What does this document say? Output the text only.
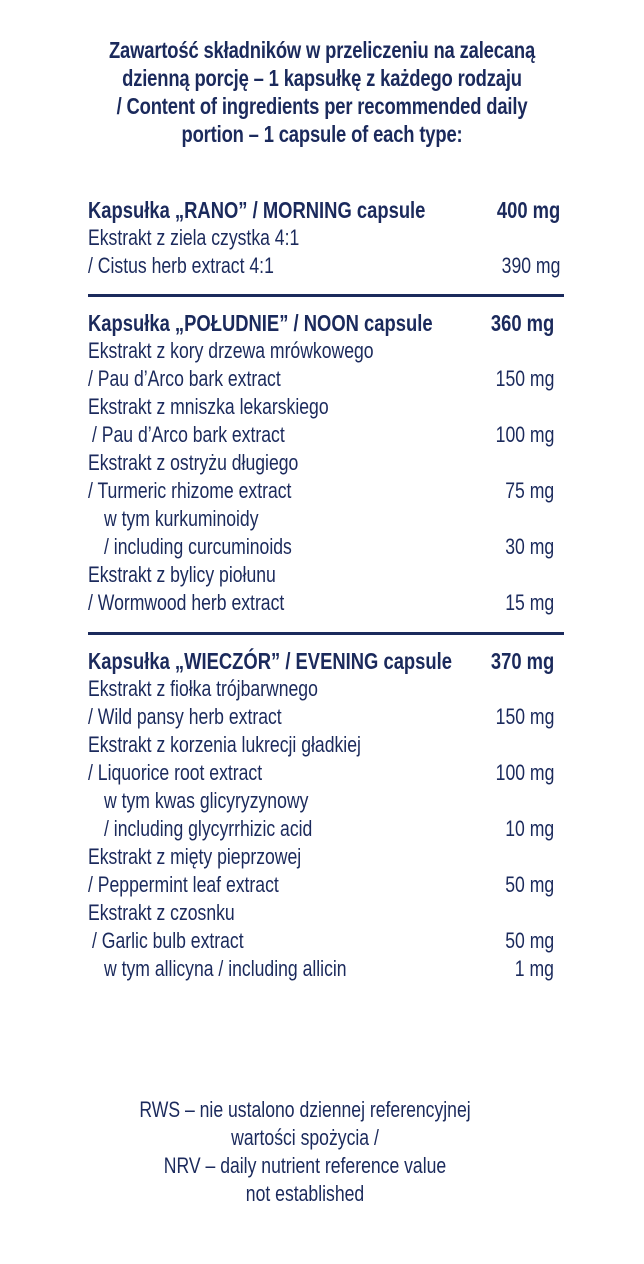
Zawartość składników w przeliczeniu na zalecaną
dzienną porcję – 1 kapsułkę z każdego rodzaju
/ Content of ingredients per recommended daily
portion – 1 capsule of each type:
Kapsułka „RANO” / MORNING capsule	400 mg
Ekstrakt z ziela czystka 4:1
/ Cistus herb extract 4:1	390 mg
Kapsułka „POŁUDNIE” / NOON capsule	360 mg
Ekstrakt z kory drzewa mrówkowego
/ Pau d’Arco bark extract	150 mg
Ekstrakt z mniszka lekarskiego
/ Pau d’Arco bark extract	100 mg
Ekstrakt z ostryżu długiego
/ Turmeric rhizome extract	75 mg
w tym kurkuminoidy
/ including curcuminoids	30 mg
Ekstrakt z bylicy piołunu
/ Wormwood herb extract	15 mg
Kapsułka „WIECZÓR” / EVENING capsule 370 mg
Ekstrakt z fiołka trójbarwnego
/ Wild pansy herb extract	150 mg
Ekstrakt z korzenia lukrecji gładkiej
/ Liquorice root extract	100 mg
w tym kwas glicyryzynowy
/ including glycyrrhizic acid	10 mg
Ekstrakt z mięty pieprzowej
/ Peppermint leaf extract	50 mg
Ekstrakt z czosnku
/ Garlic bulb extract	50 mg
w tym allicyna / including allicin	1 mg
RWS – nie ustalono dziennej referencyjnej
wartości spożycia /
NRV – daily nutrient reference value
not established
